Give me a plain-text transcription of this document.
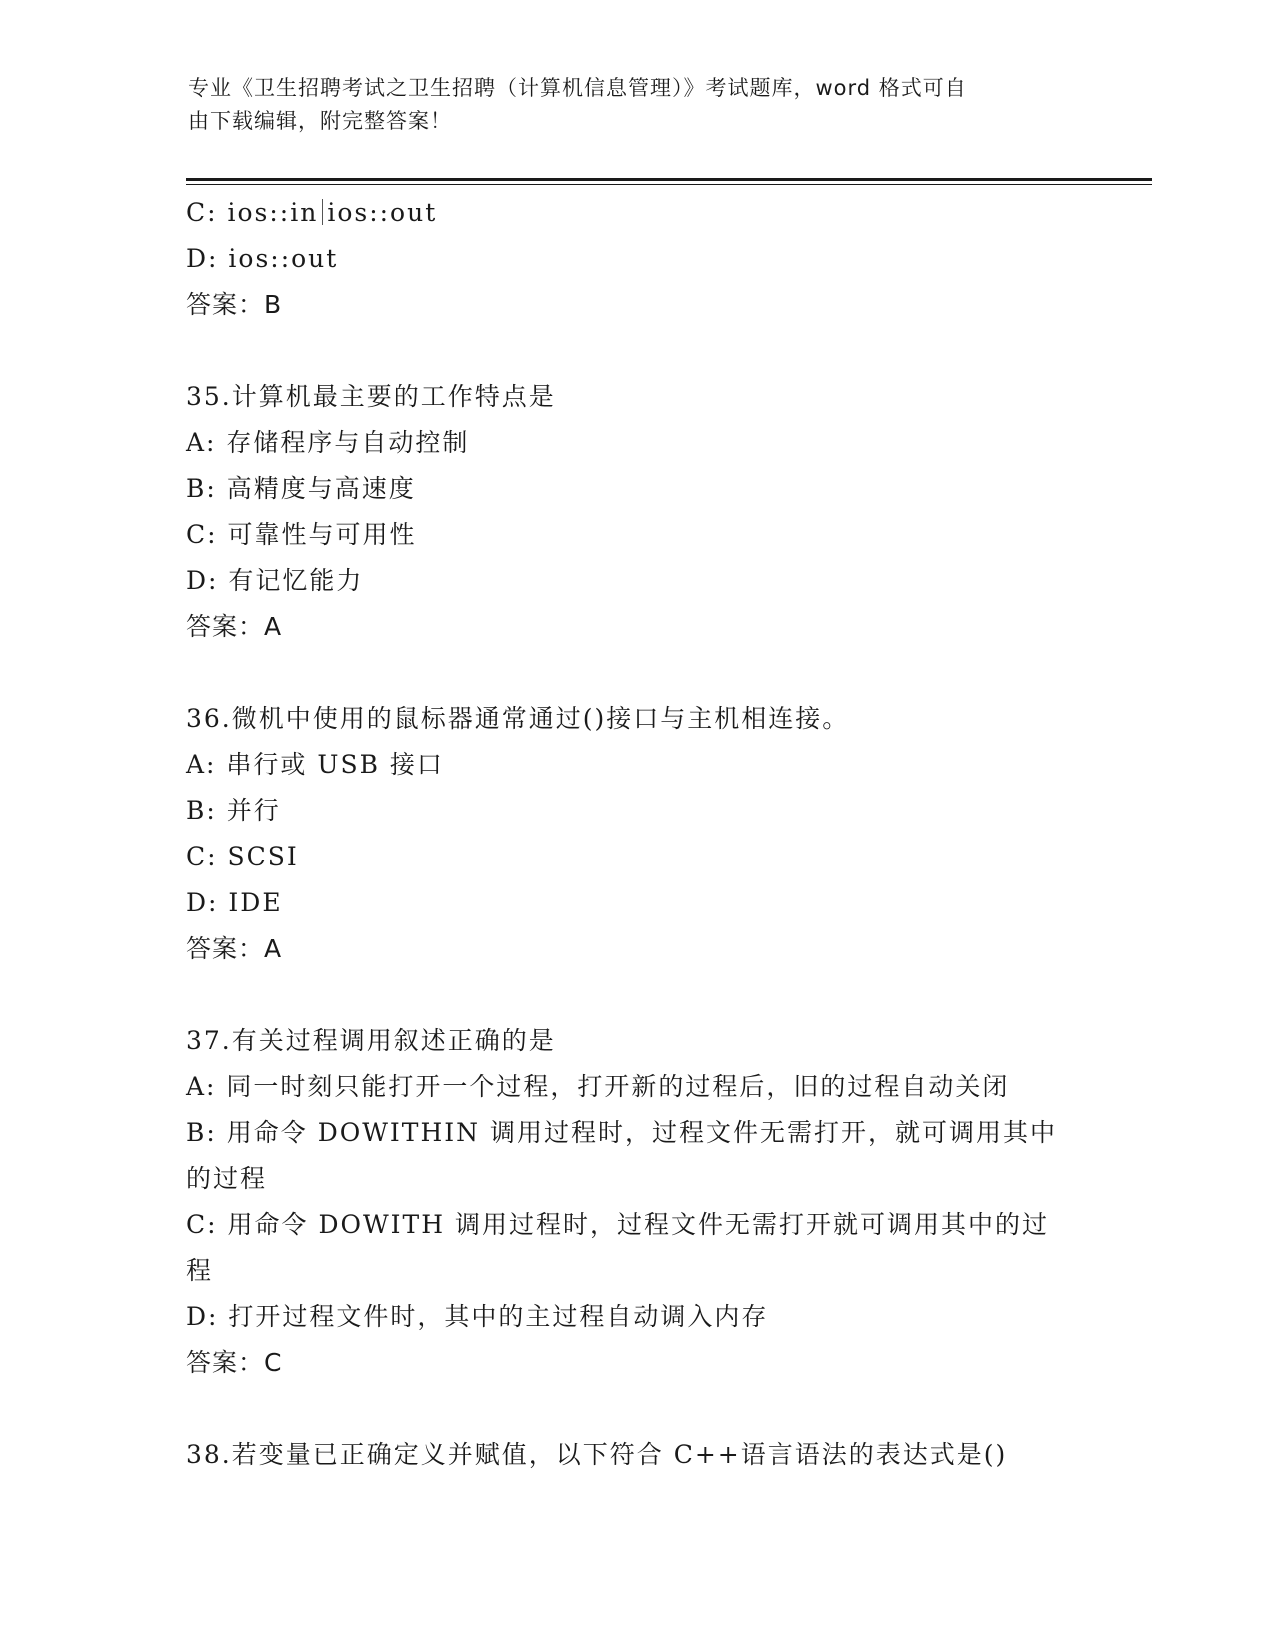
专业《卫生招聘考试之卫生招聘（计算机信息管理）》考试题库，word 格式可自
由下载编辑，附完整答案！
C: ios::in ios::out
D: ios::out
答案：B
35.计算机最主要的工作特点是
A: 存储程序与自动控制
B: 高精度与高速度
C: 可靠性与可用性
D: 有记忆能力
答案：A
36.微机中使用的鼠标器通常通过()接口与主机相连接。
A: 串行或 USB 接口
B: 并行
C: SCSI
D: IDE
答案：A
37.有关过程调用叙述正确的是
A: 同一时刻只能打开一个过程，打开新的过程后，旧的过程自动关闭
B: 用命令 DOWITHIN 调用过程时，过程文件无需打开，就可调用其中
的过程
C: 用命令 DOWITH 调用过程时，过程文件无需打开就可调用其中的过
程
D: 打开过程文件时，其中的主过程自动调入内存
答案：C
38.若变量已正确定义并赋值，以下符合 C++语言语法的表达式是()
